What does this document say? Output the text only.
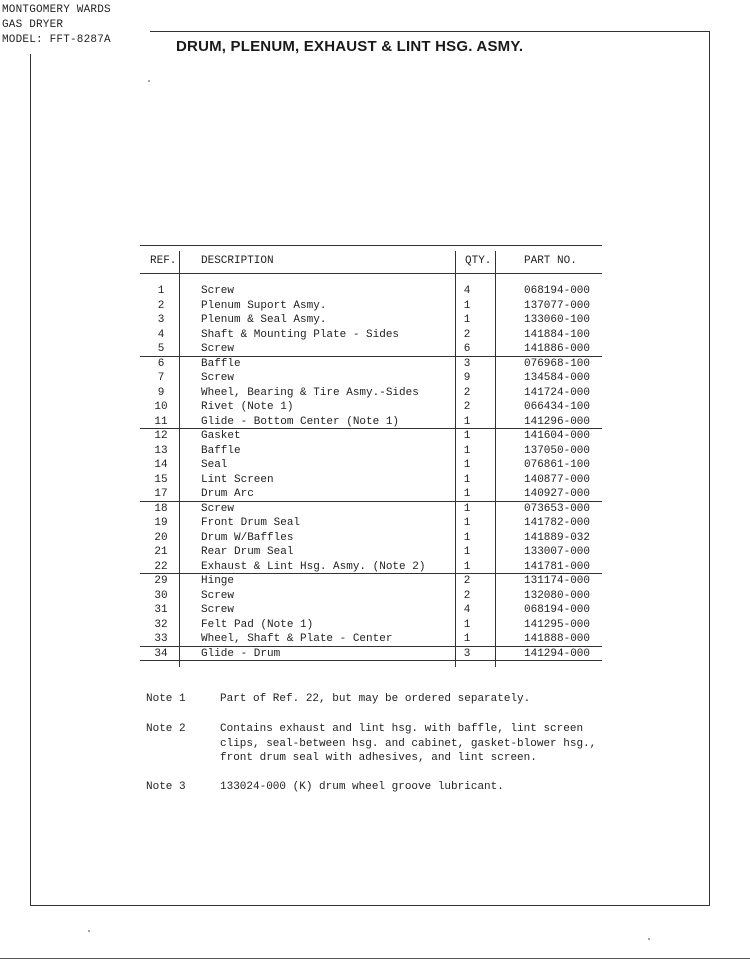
MONTGOMERY WARDS
GAS DRYER
MODEL: FFT-8287A	DRUM, PLENUM, EXHAUST & LINT HSG. ASMY.
REF. DESCRIPTION	QTY.	PART NO.
1	Screw	4	068194-000
2	Plenum Suport Asmy.	1	137077-000
3	Plenum & Seal Asmy.	1	133060-100
4	Shaft & Mounting Plate - Sides	2	141884-100
5	Screw	6	141886-000
6	Baffle	3	076968-100
7	Screw	9	134584-000
9	Wheel, Bearing & Tire Asmy.-Sides	2	141724-000
10	Rivet (Note 1)	2	066434-100
11	Glide - Bottom Center (Note 1)	1	141296-000
12	Gasket	1	141604-000
13	Baffle	1	137050-000
14	Seal	1	076861-100
15	Lint Screen	1	140877-000
17	Drum Arc	1	140927-000
18	Screw	1	073653-000
19	Front Drum Seal	1	141782-000
20	Drum W/Baffles	1	141889-032
21	Rear Drum Seal	1	133007-000
22	Exhaust & Lint Hsg. Asmy. (Note 2)	1	141781-000
29	Hinge	2	131174-000
30	Screw	2	132080-000
31	Screw	4	068194-000
32	Felt Pad (Note 1)	1	141295-000
33	Wheel, Shaft & Plate - Center	1	141888-000
34	Glide - Drum	3	141294-000
Note 1	Part of Ref. 22, but may be ordered separately.
Note 2	Contains exhaust and lint hsg. with baffle, lint screen
clips, seal-between hsg. and cabinet, gasket-blower hsg.,
front drum seal with adhesives, and lint screen.
Note 3	133024-000 (K) drum wheel groove lubricant.
